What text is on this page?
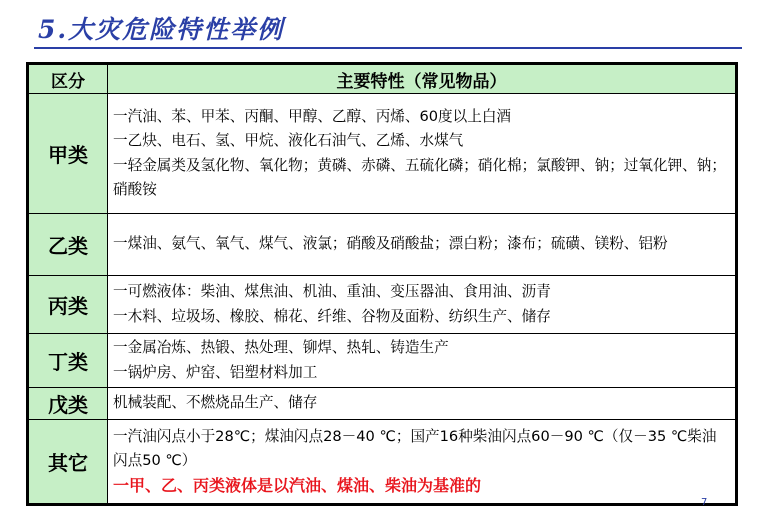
5.大灾危险特性举例
区分	主要特性（常见物品）
甲类	一汽油、苯、甲苯、丙酮、甲醇、乙醇、丙烯、60度以上白酒
一乙炔、电石、氢、甲烷、液化石油气、乙烯、水煤气
一轻金属类及氢化物、氧化物；黄磷、赤磷、五硫化磷；硝化棉；氯酸钾、钠；过氧化钾、钠；硝酸铵

乙类	一煤油、氨气、氧气、煤气、液氯；硝酸及硝酸盐；漂白粉；漆布；硫磺、镁粉、铝粉

丙类	一可燃液体：柴油、煤焦油、机油、重油、变压器油、食用油、沥青
一木料、垃圾场、橡胶、棉花、纤维、谷物及面粉、纺织生产、储存

丁类	一金属冶炼、热锻、热处理、铆焊、热轧、铸造生产
一锅炉房、炉窑、铝塑材料加工

戊类	机械装配、不燃烧品生产、储存

其它	一汽油闪点小于28℃；煤油闪点28－40 ℃；国产16种柴油闪点60－90 ℃（仅－35 ℃柴油闪点50 ℃）
一甲、乙、丙类液体是以汽油、煤油、柴油为基准的
7
